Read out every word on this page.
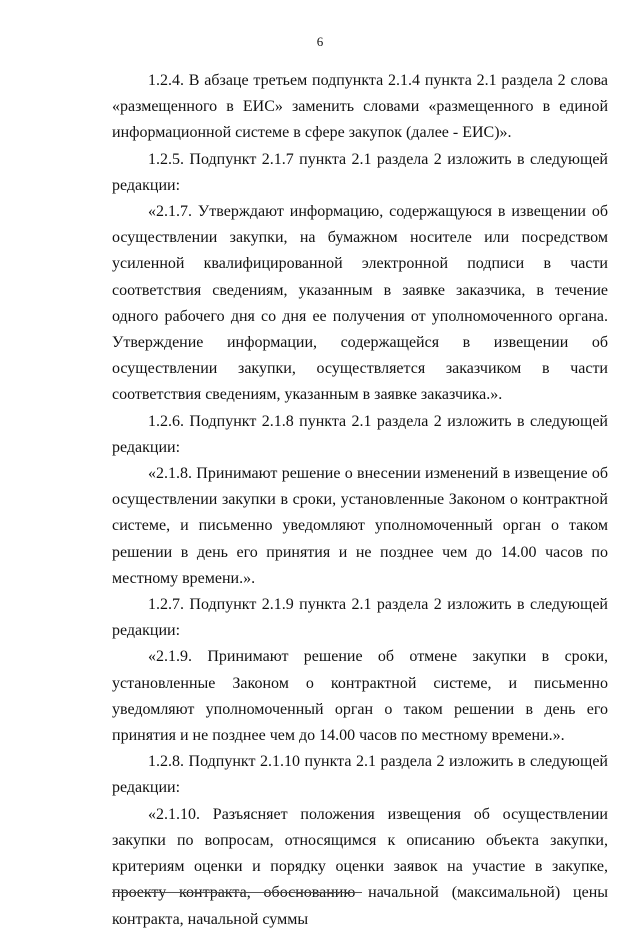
6

1.2.4. В абзаце третьем подпункта 2.1.4 пункта 2.1 раздела 2 слова «размещенного в ЕИС» заменить словами «размещенного в единой информационной системе в сфере закупок (далее - ЕИС)».

1.2.5. Подпункт 2.1.7 пункта 2.1 раздела 2 изложить в следующей редакции:

«2.1.7. Утверждают информацию, содержащуюся в извещении об осуществлении закупки, на бумажном носителе или посредством усиленной квалифицированной электронной подписи в части соответствия сведениям, указанным в заявке заказчика, в течение одного рабочего дня со дня ее получения от уполномоченного органа. Утверждение информации, содержащейся в извещении об осуществлении закупки, осуществляется заказчиком в части соответствия сведениям, указанным в заявке заказчика.».

1.2.6. Подпункт 2.1.8 пункта 2.1 раздела 2 изложить в следующей редакции:

«2.1.8. Принимают решение о внесении изменений в извещение об осуществлении закупки в сроки, установленные Законом о контрактной системе, и письменно уведомляют уполномоченный орган о таком решении в день его принятия и не позднее чем до 14.00 часов по местному времени.».

1.2.7. Подпункт 2.1.9 пункта 2.1 раздела 2 изложить в следующей редакции:

«2.1.9. Принимают решение об отмене закупки в сроки, установленные Законом о контрактной системе, и письменно уведомляют уполномоченный орган о таком решении в день его принятия и не позднее чем до 14.00 часов по местному времени.».

1.2.8. Подпункт 2.1.10 пункта 2.1 раздела 2 изложить в следующей редакции:

«2.1.10. Разъясняет положения извещения об осуществлении закупки по вопросам, относящимся к описанию объекта закупки, критериям оценки и порядку оценки заявок на участие в закупке, проекту контракта, обоснованию начальной (максимальной) цены контракта, начальной суммы
